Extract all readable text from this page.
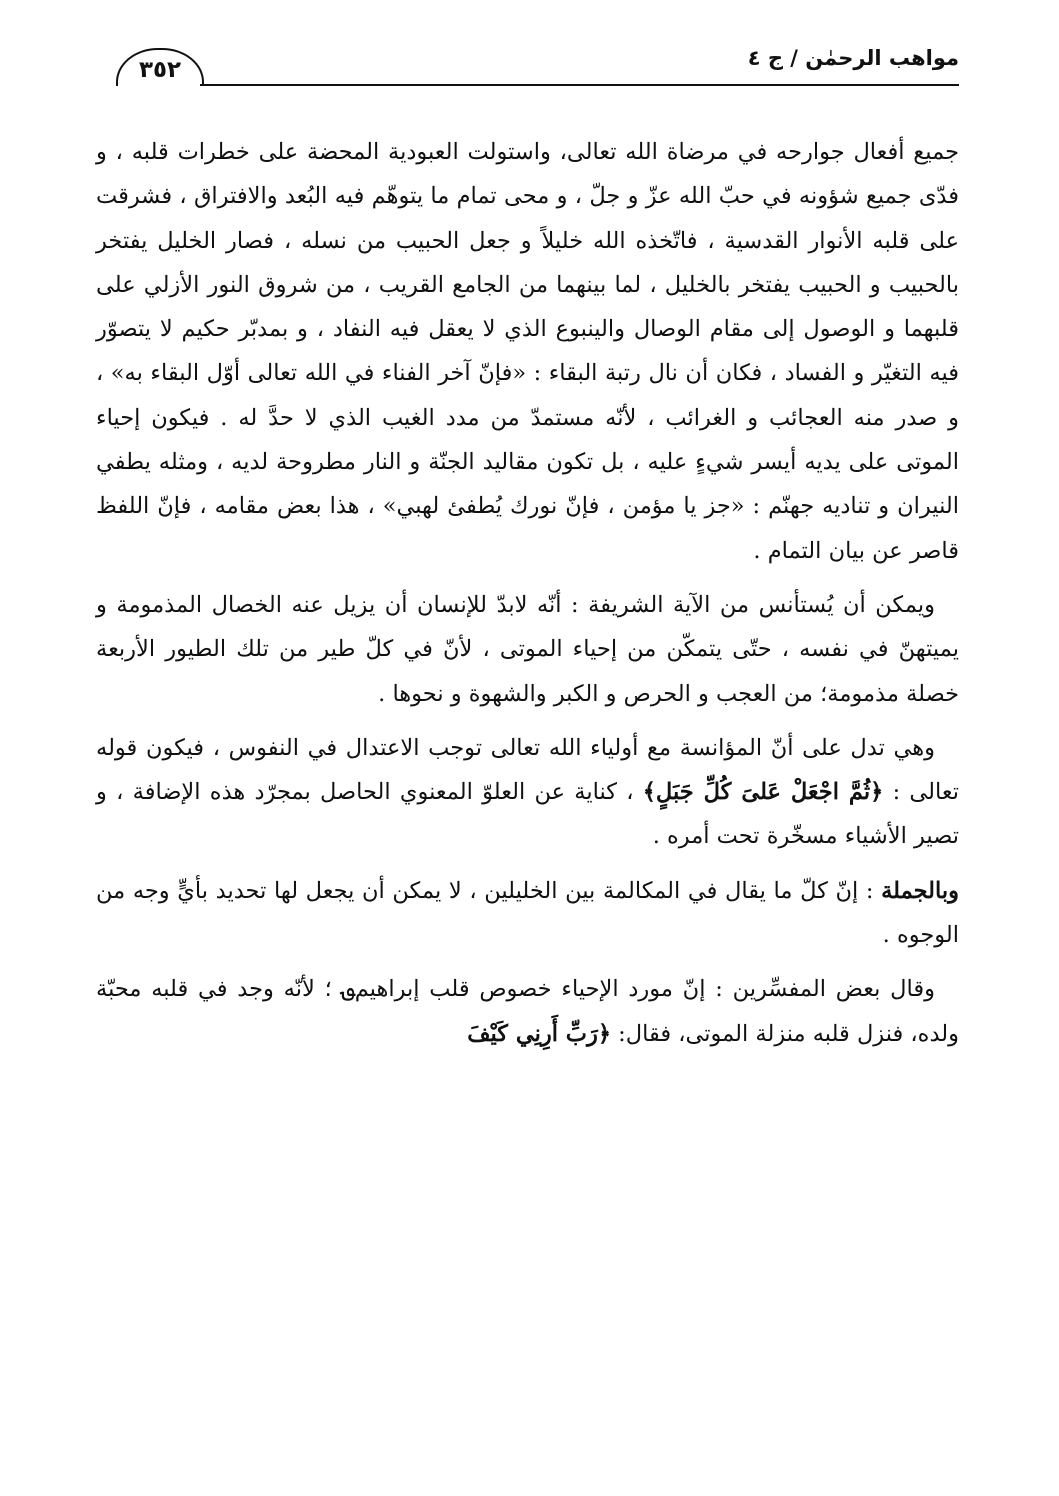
٣٥٢	مواهب الرحمٰن / ج ٤

جميع أفعال جوارحه في مرضاة الله تعالى، واستولت العبودية المحضة على خطرات قلبه ، و فدّى جميع شؤونه في حبّ الله عزّ و جلّ ، و محى تمام ما يتوهّم فيه البُعد والافتراق ، فشرقت على قلبه الأنوار القدسية ، فاتّخذه الله خليلاً و جعل الحبيب من نسله ، فصار الخليل يفتخر بالحبيب و الحبيب يفتخر بالخليل ، لما بينهما من الجامع القريب ، من شروق النور الأزلي على قلبهما و الوصول إلى مقام الوصال والينبوع الذي لا يعقل فيه النفاد ، و بمدبّر حكيم لا يتصوّر فيه التغيّر و الفساد ، فكان أن نال رتبة البقاء : «فإنّ آخر الفناء في الله تعالى أوّل البقاء به» ، و صدر منه العجائب و الغرائب ، لأنّه مستمدّ من مدد الغيب الذي لا حدَّ له . فيكون إحياء الموتى على يديه أيسر شيءٍ عليه ، بل تكون مقاليد الجنّة و النار مطروحة لديه ، ومثله يطفي النيران و تناديه جهنّم : «جز يا مؤمن ، فإنّ نورك يُطفئ لهبي» ، هذا بعض مقامه ، فإنّ اللفظ قاصر عن بيان التمام .

ويمكن أن يُستأنس من الآية الشريفة : أنّه لابدّ للإنسان أن يزيل عنه الخصال المذمومة و يميتهنّ في نفسه ، حتّى يتمكّن من إحياء الموتى ، لأنّ في كلّ طير من تلك الطيور الأربعة خصلة مذمومة؛ من العجب و الحرص و الكبر والشهوة و نحوها .

وهي تدل على أنّ المؤانسة مع أولياء الله تعالى توجب الاعتدال في النفوس ، فيكون قوله تعالى : ﴿ثُمَّ اجْعَلْ عَلىَ كُلِّ جَبَلٍ﴾ ، كناية عن العلوّ المعنوي الحاصل بمجرّد هذه الإضافة ، و تصير الأشياء مسخّرة تحت أمره .

وبالجملة : إنّ كلّ ما يقال في المكالمة بين الخليلين ، لا يمكن أن يجعل لها تحديد بأيٍّ وجه من الوجوه .

وقال بعض المفسِّرين : إنّ مورد الإحياء خصوص قلب إبراهيم؈ ؛ لأنّه وجد في قلبه محبّة ولده، فنزل قلبه منزلة الموتى، فقال: ﴿رَبِّ أَرِنِي كَيْفَ
